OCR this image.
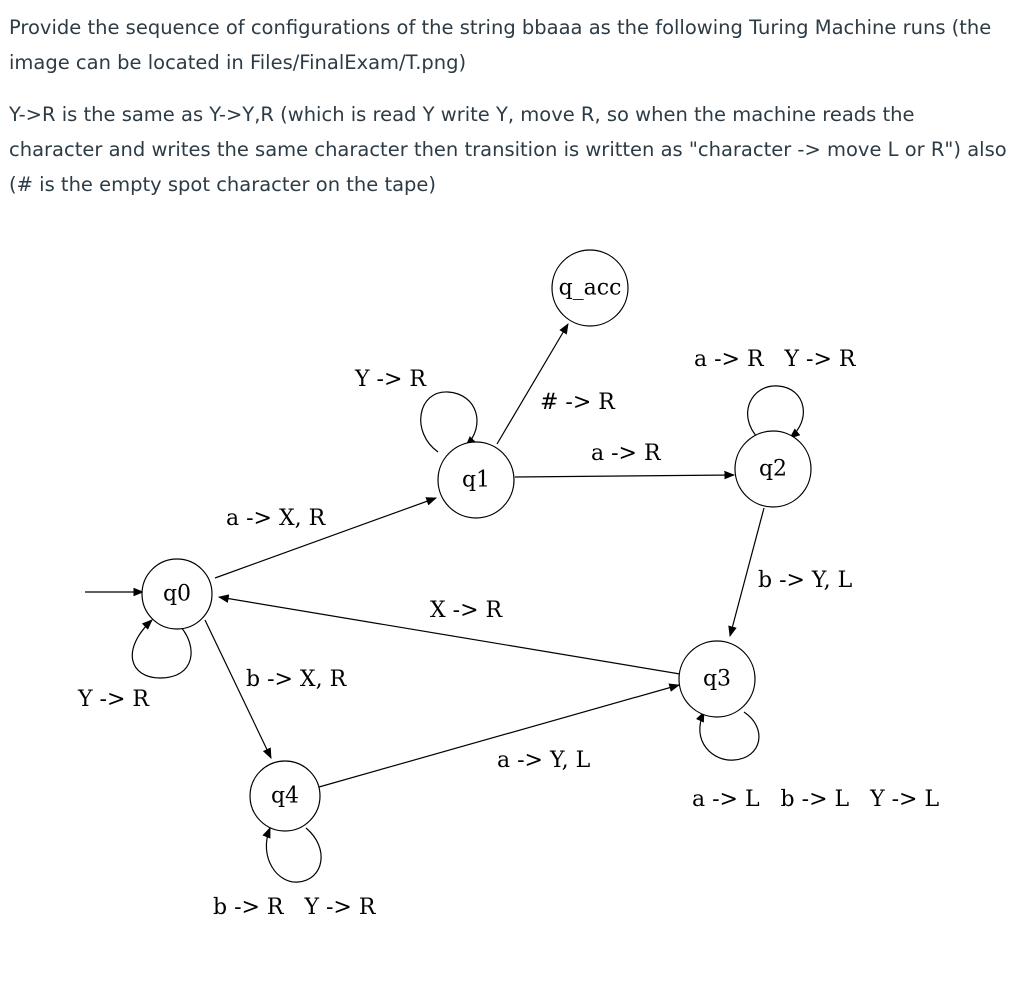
Provide the sequence of configurations of the string bbaaa as the following Turing Machine runs (the image can be located in Files/FinalExam/T.png)

Y->R is the same as Y->Y,R (which is read Y write Y, move R, so when the machine reads the character and writes the same character then transition is written as "character -> move L or R") also (# is the empty spot character on the tape)

q0
q1	q2
q3
q4
q_acc
Y -> R
a -> X, R
b -> X, R
Y -> R
# -> R
a -> R
a -> R   Y -> R
b -> Y, L
a -> L   b -> L   Y -> L
X -> R
a -> Y, L
b -> R   Y -> R
